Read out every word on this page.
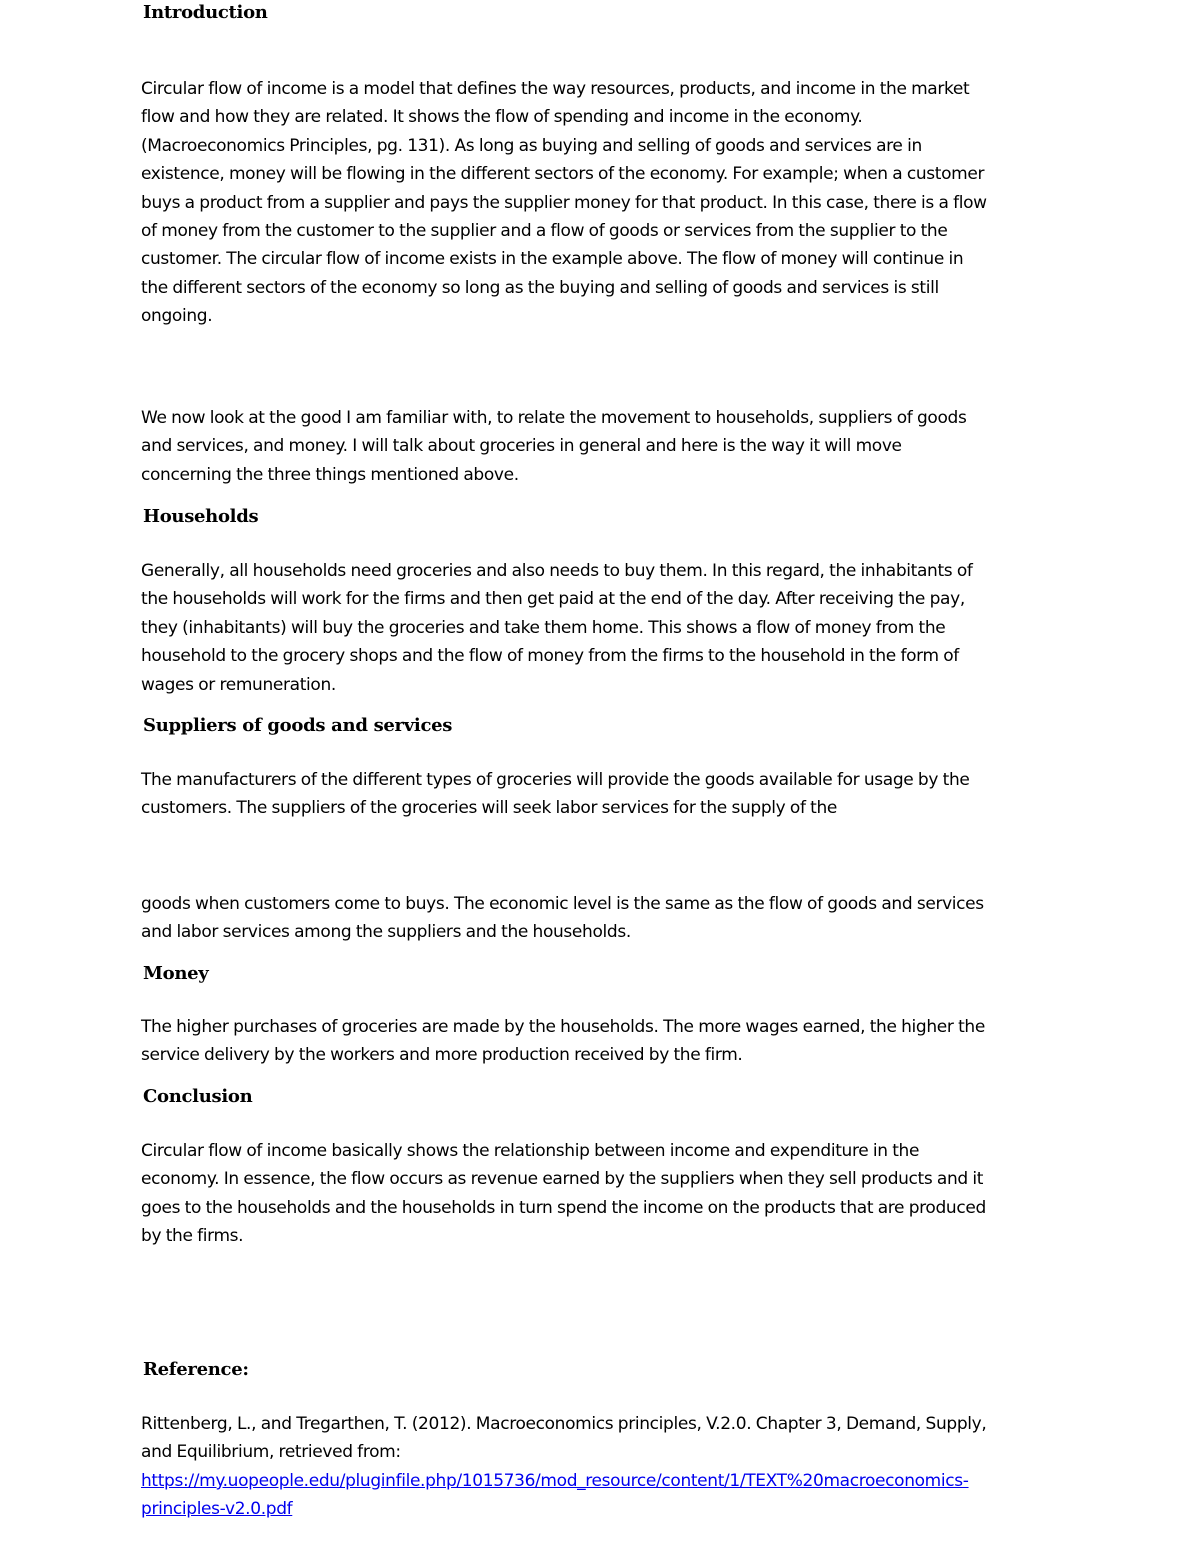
Introduction
Circular flow of income is a model that defines the way resources, products, and income in the market
flow and how they are related. It shows the flow of spending and income in the economy.
(Macroeconomics Principles, pg. 131). As long as buying and selling of goods and services are in
existence, money will be flowing in the different sectors of the economy. For example; when a customer
buys a product from a supplier and pays the supplier money for that product. In this case, there is a flow
of money from the customer to the supplier and a flow of goods or services from the supplier to the
customer. The circular flow of income exists in the example above. The flow of money will continue in
the different sectors of the economy so long as the buying and selling of goods and services is still
ongoing.
We now look at the good I am familiar with, to relate the movement to households, suppliers of goods
and services, and money. I will talk about groceries in general and here is the way it will move
concerning the three things mentioned above.
Households
Generally, all households need groceries and also needs to buy them. In this regard, the inhabitants of
the households will work for the firms and then get paid at the end of the day. After receiving the pay,
they (inhabitants) will buy the groceries and take them home. This shows a flow of money from the
household to the grocery shops and the flow of money from the firms to the household in the form of
wages or remuneration.
Suppliers of goods and services
The manufacturers of the different types of groceries will provide the goods available for usage by the
customers. The suppliers of the groceries will seek labor services for the supply of the
goods when customers come to buys. The economic level is the same as the flow of goods and services
and labor services among the suppliers and the households.
Money
The higher purchases of groceries are made by the households. The more wages earned, the higher the
service delivery by the workers and more production received by the firm.
Conclusion
Circular flow of income basically shows the relationship between income and expenditure in the
economy. In essence, the flow occurs as revenue earned by the suppliers when they sell products and it
goes to the households and the households in turn spend the income on the products that are produced
by the firms.
Reference:
Rittenberg, L., and Tregarthen, T. (2012). Macroeconomics principles, V.2.0. Chapter 3, Demand, Supply,
and Equilibrium, retrieved from:
https://my.uopeople.edu/pluginfile.php/1015736/mod_resource/content/1/TEXT%20macroeconomics-
principles-v2.0.pdf
